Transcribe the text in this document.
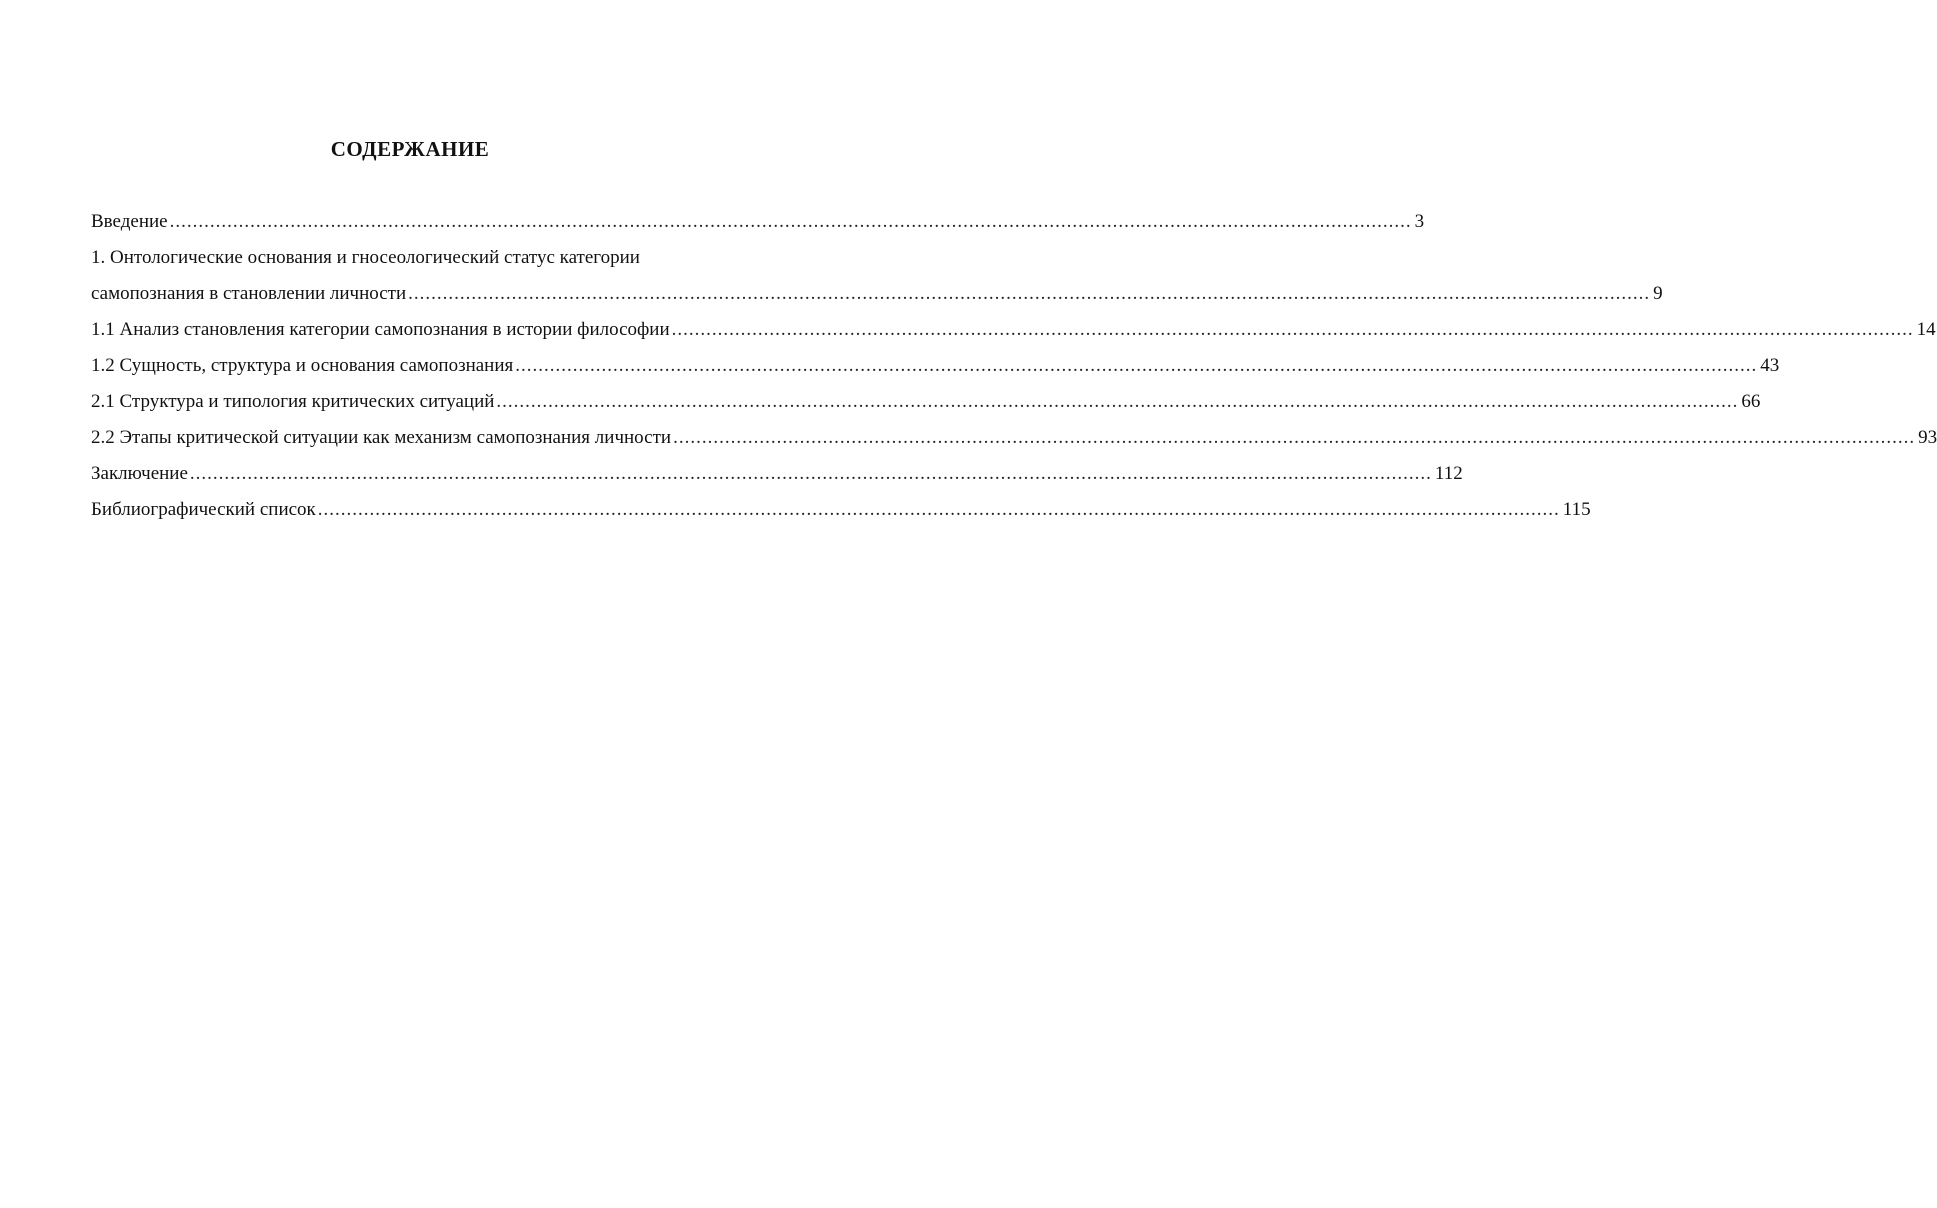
СОДЕРЖАНИЕ
Введение .....	3
1. Онтологические основания и гносеологический статус категории
самопознания в становлении личности .....	9
1.1 Анализ становления категории самопознания в истории философии .....	14
1.2 Сущность, структура и основания самопознания .....	43
2.1 Структура и типология критических ситуаций .....	66
2.2 Этапы критической ситуации как механизм самопознания личности .....	93
Заключение .....	112
Библиографический список .....	115
